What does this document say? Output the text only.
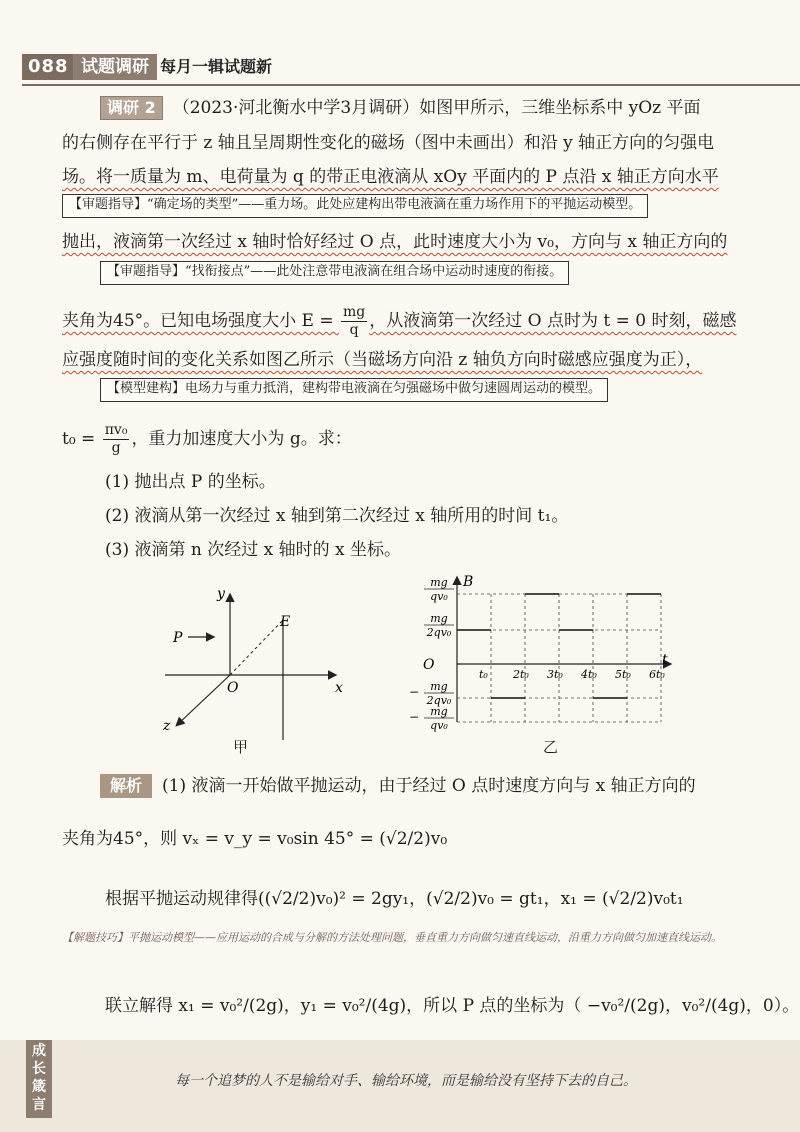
088 试题调研 每月一辑试题新
调研 2 （2023·河北衡水中学3月调研）如图甲所示，三维坐标系中 yOz 平面
的右侧存在平行于 z 轴且呈周期性变化的磁场（图中未画出）和沿 y 轴正方向的匀强电
场。将一质量为 m、电荷量为 q 的带正电液滴从 xOy 平面内的 P 点沿 x 轴正方向水平
【审题指导】“确定场的类型”——重力场。此处应建构出带电液滴在重力场作用下的平抛运动模型。
抛出，液滴第一次经过 x 轴时恰好经过 O 点，此时速度大小为 v₀，方向与 x 轴正方向的
【审题指导】“找衔接点”——此处注意带电液滴在组合场中运动时速度的衔接。
夹角为45°。已知电场强度大小 $E = \frac{mg}{q}$ ，从液滴第一次经过 O 点时为 t = 0 时刻，磁感
应强度随时间的变化关系如图乙所示（当磁场方向沿 z 轴负方向时磁感应强度为正），
【模型建构】电场力与重力抵消，建构带电液滴在匀强磁场中做匀速圆周运动的模型。
$t_0 = \frac{\text{πv₀}}{g}$ ，重力加速度大小为 g。求：
(1) 抛出点 P 的坐标。
(2) 液滴从第一次经过 x 轴到第二次经过 x 轴所用的时间 t₁。
(3) 液滴第 n 次经过 x 轴时的 x 坐标。
y
x
z
O
E
P
甲
B
t
O
mg
qv₀
mg
2qv₀
− mg
2qv₀
− mg
qv₀
t₀ 2t₀ 3t₀ 4t₀ 5t₀ 6t₀
乙
解析 (1) 液滴一开始做平抛运动，由于经过 O 点时速度方向与 x 轴正方向的
夹角为45°，则 vₓ = v_y = v₀sin 45° = (√2/2)v₀
根据平抛运动规律得((√2/2)v₀)² = 2gy₁，(√2/2)v₀ = gt₁，x₁ = (√2/2)v₀t₁
【解题技巧】平抛运动模型——应用运动的合成与分解的方法处理问题，垂直重力方向做匀速直线运动，沿重力方向做匀加速直线运动。
联立解得 x₁ = v₀²/(2g)，y₁ = v₀²/(4g)，所以 P 点的坐标为（ −v₀²/(2g)，v₀²/(4g)，0）。
成长箴言
每一个追梦的人不是输给对手、输给环境，而是输给没有坚持下去的自己。
